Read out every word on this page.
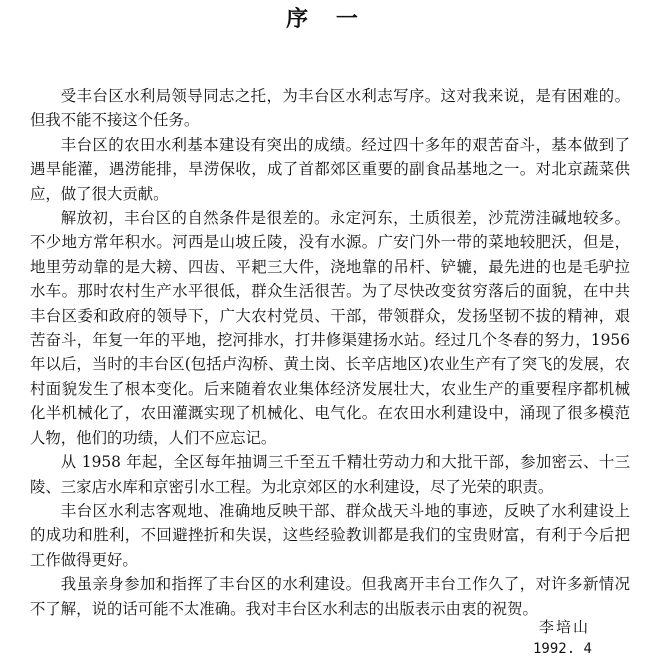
序 一

受丰台区水利局领导同志之托，为丰台区水利志写序。这对我来说，是有困难的。但我不能不接这个任务。

丰台区的农田水利基本建设有突出的成绩。经过四十多年的艰苦奋斗，基本做到了遇旱能灌，遇涝能排，旱涝保收，成了首都郊区重要的副食品基地之一。对北京蔬菜供应，做了很大贡献。

解放初，丰台区的自然条件是很差的。永定河东，土质很差，沙荒涝洼碱地较多。不少地方常年积水。河西是山坡丘陵，没有水源。广安门外一带的菜地较肥沃，但是，地里劳动靠的是大耪、四齿、平耙三大件，浇地靠的吊杆、铲辘，最先进的也是毛驴拉水车。那时农村生产水平很低，群众生活很苦。为了尽快改变贫穷落后的面貌，在中共丰台区委和政府的领导下，广大农村党员、干部，带领群众，发扬坚韧不拔的精神，艰苦奋斗，年复一年的平地，挖河排水，打井修渠建扬水站。经过几个冬春的努力，1956 年以后，当时的丰台区(包括卢沟桥、黄土岗、长辛店地区)农业生产有了突飞的发展，农村面貌发生了根本变化。后来随着农业集体经济发展壮大，农业生产的重要程序都机械化半机械化了，农田灌溉实现了机械化、电气化。在农田水利建设中，涌现了很多模范人物，他们的功绩，人们不应忘记。

从 1958 年起，全区每年抽调三千至五千精壮劳动力和大批干部，参加密云、十三陵、三家店水库和京密引水工程。为北京郊区的水利建设，尽了光荣的职责。

丰台区水利志客观地、准确地反映干部、群众战天斗地的事迹，反映了水利建设上的成功和胜利，不回避挫折和失误，这些经验教训都是我们的宝贵财富，有利于今后把工作做得更好。

我虽亲身参加和指挥了丰台区的水利建设。但我离开丰台工作久了，对许多新情况不了解，说的话可能不太准确。我对丰台区水利志的出版表示由衷的祝贺。

李培山
1992. 4
